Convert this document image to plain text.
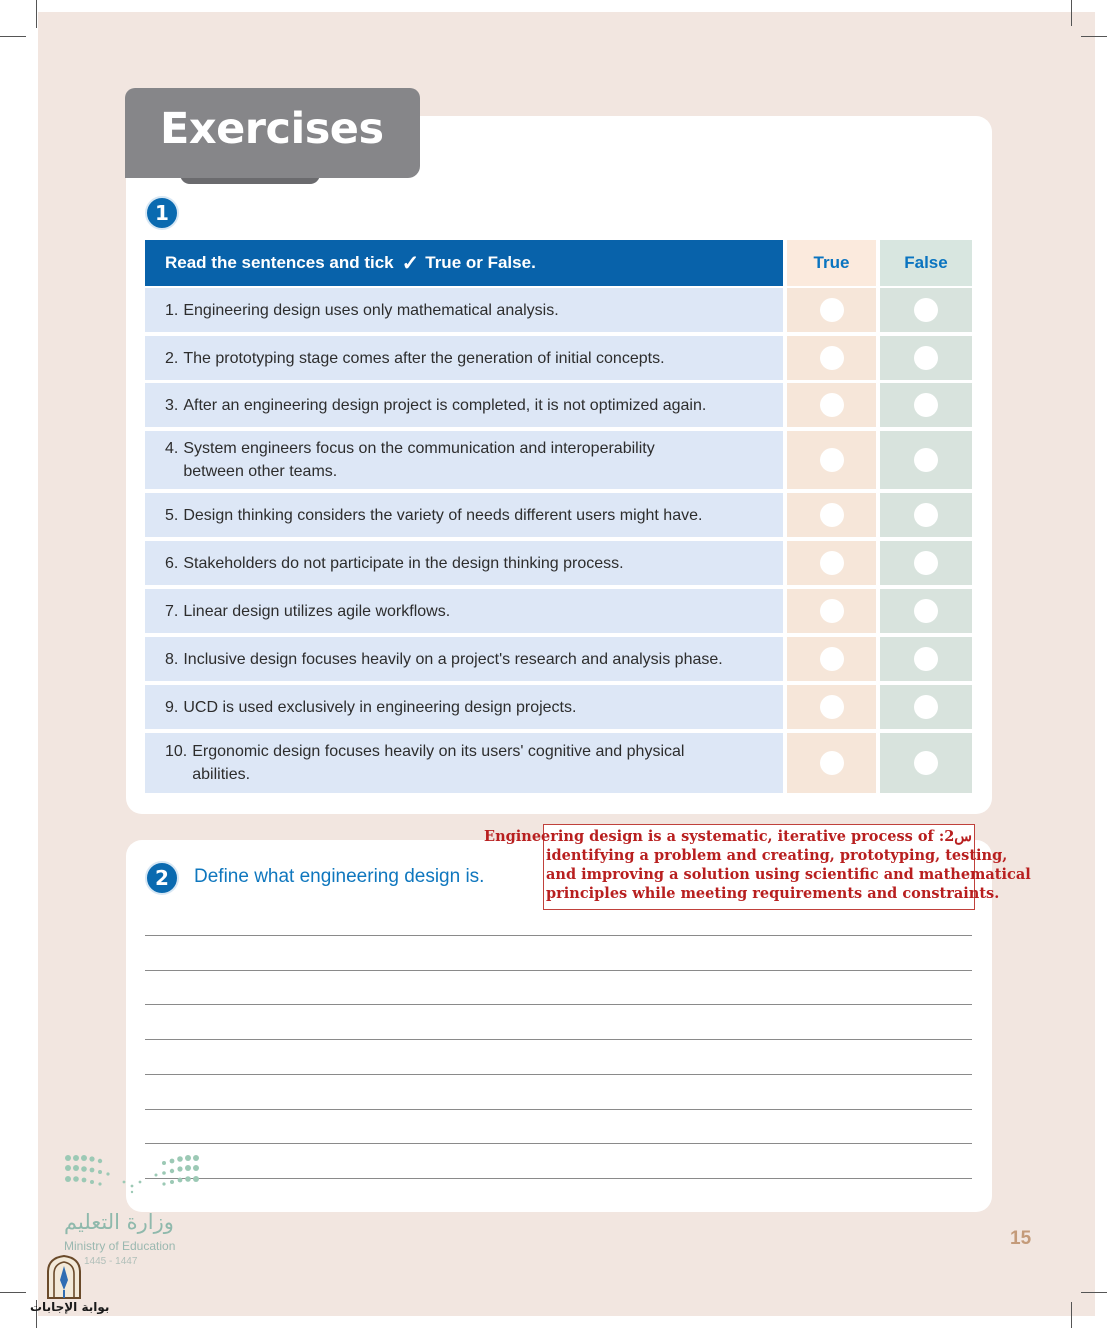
Exercises
1
Read the sentences and tick ✓ True or False.	True	False
1. Engineering design uses only mathematical analysis.
2. The prototyping stage comes after the generation of initial concepts.
3. After an engineering design project is completed, it is not optimized again.
4. System engineers focus on the communication and interoperability between other teams.
5. Design thinking considers the variety of needs different users might have.
6. Stakeholders do not participate in the design thinking process.
7. Linear design utilizes agile workflows.
8. Inclusive design focuses heavily on a project's research and analysis phase.
9. UCD is used exclusively in engineering design projects.
10. Ergonomic design focuses heavily on its users' cognitive and physical abilities.
2	Define what engineering design is.
س2: Engineering design is a systematic, iterative process of
identifying a problem and creating, prototyping, testing,
and improving a solution using scientific and mathematical
principles while meeting requirements and constraints.
وزارة التعليم
Ministry of Education
1445 - 1447
بوابة الإجابات
15
